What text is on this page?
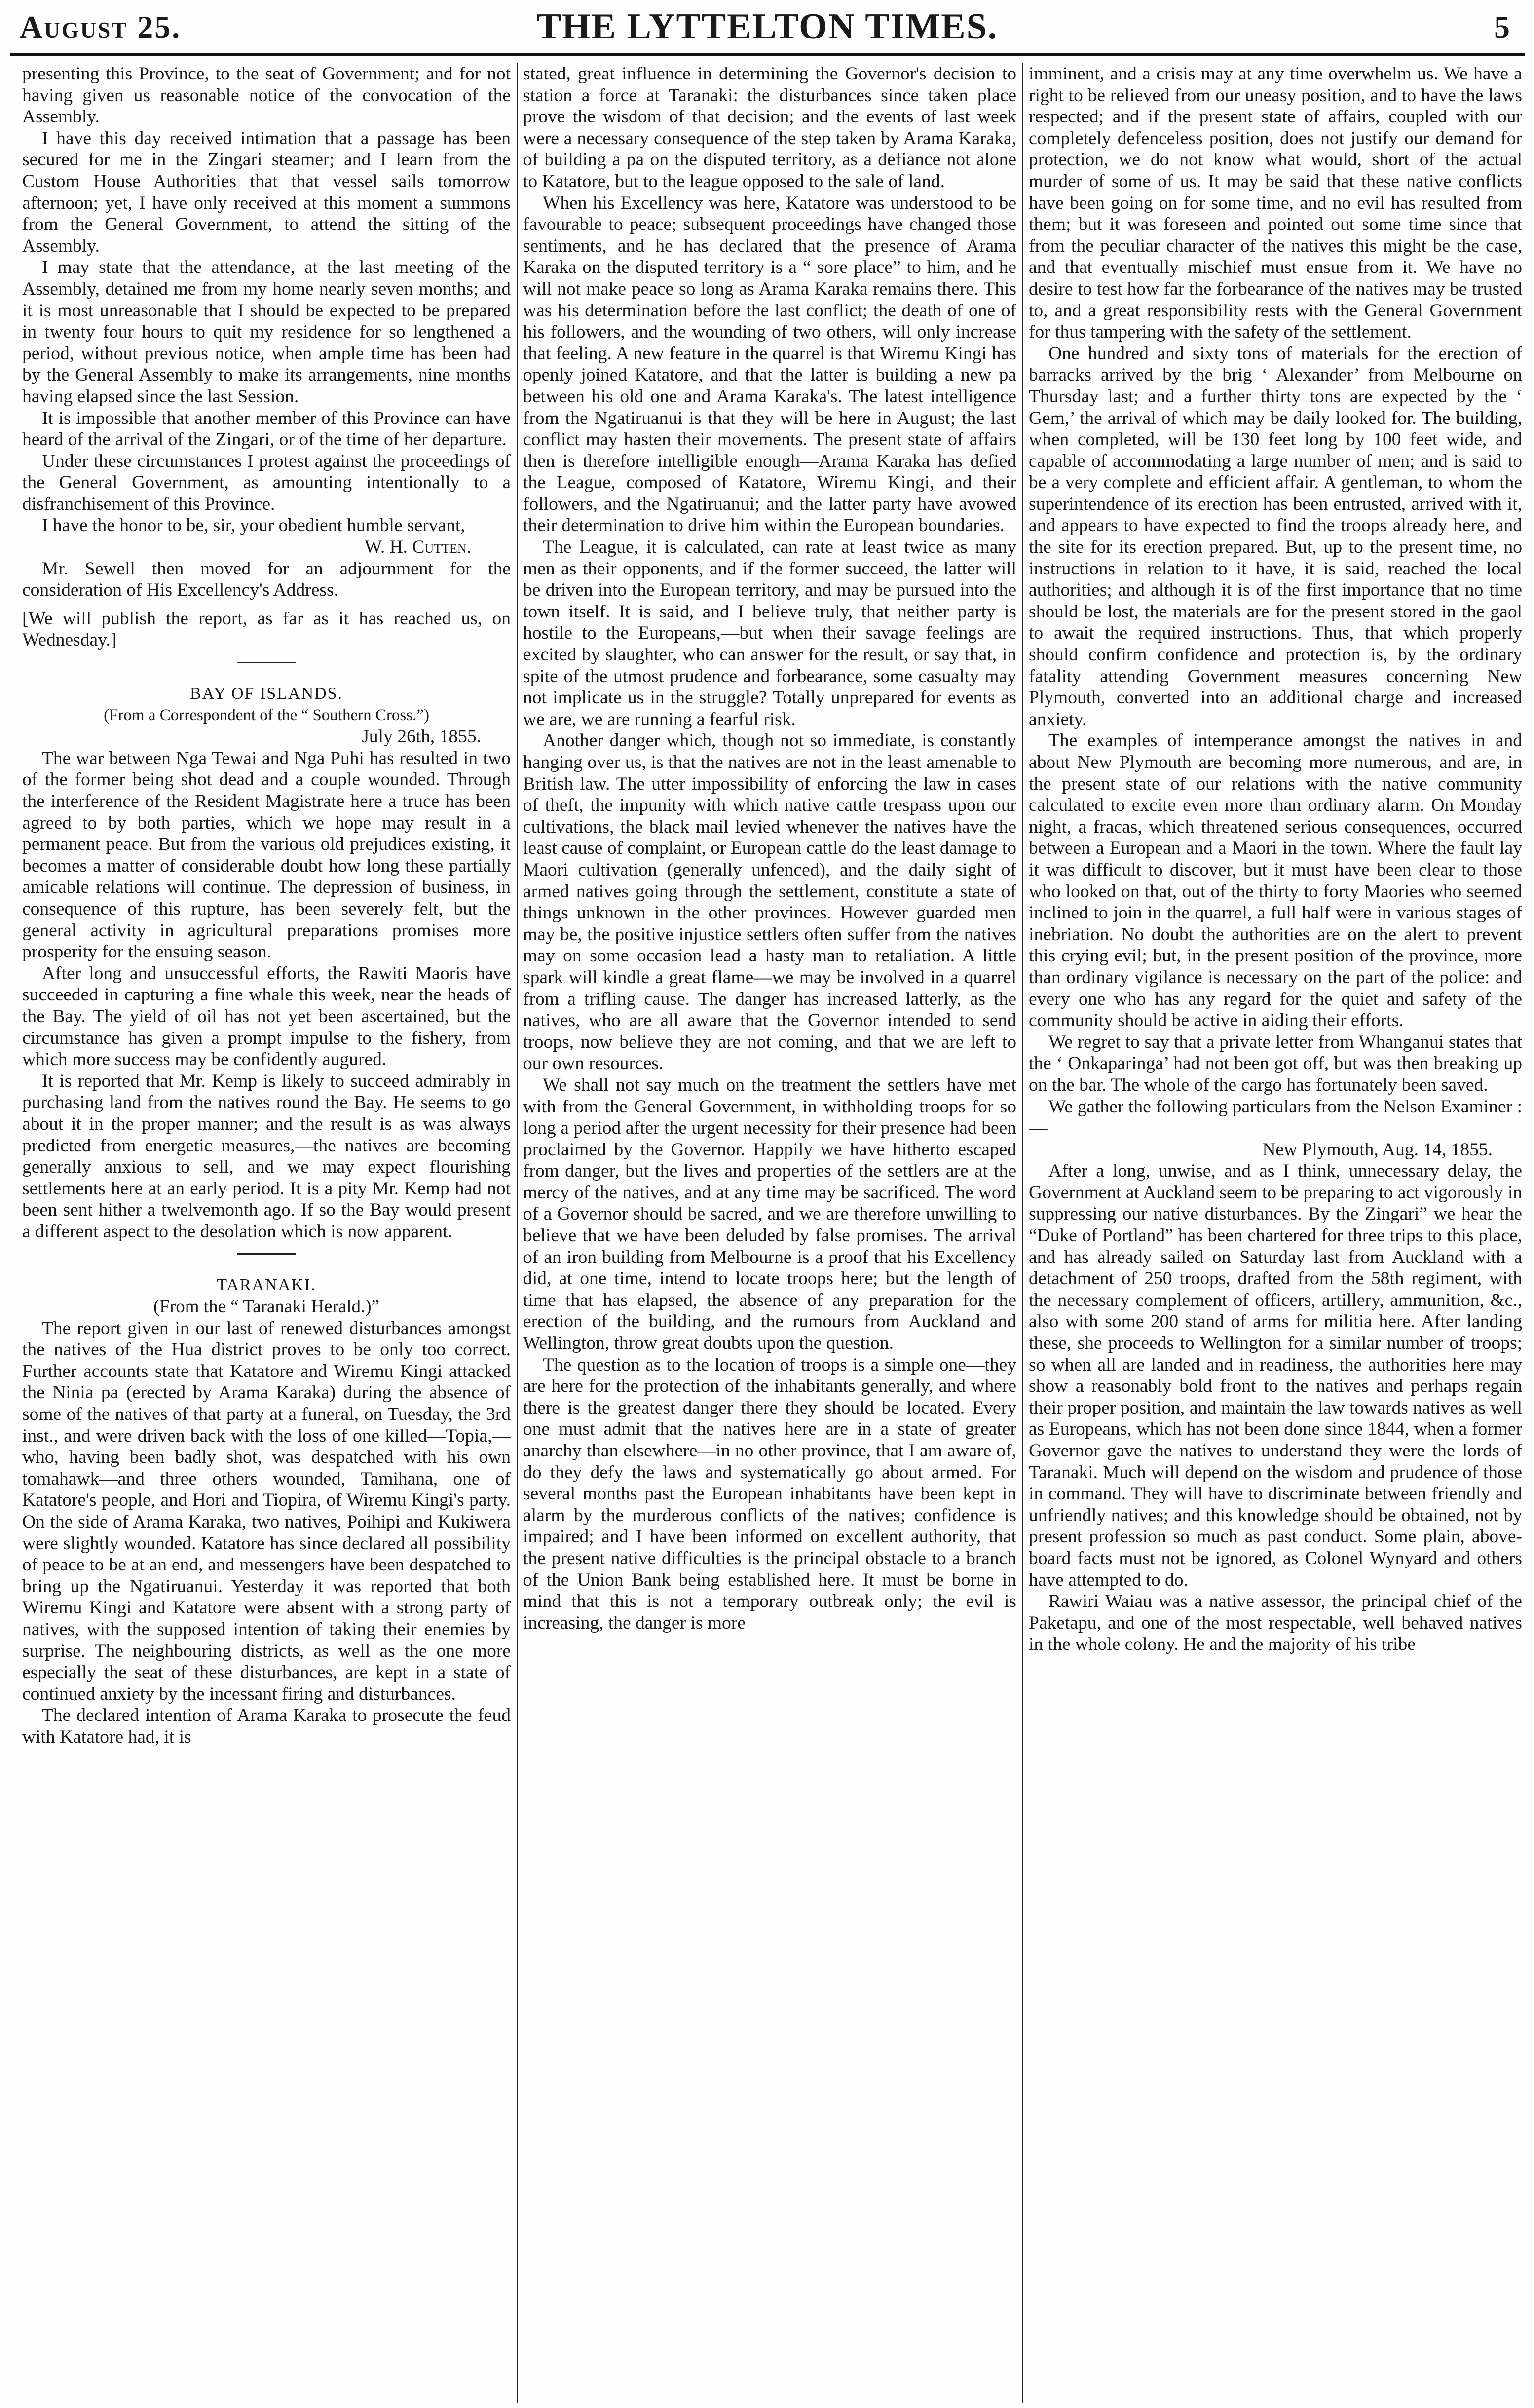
August 25.	THE LYTTELTON TIMES.	5

presenting this Province, to the seat of Government; and for not having given us reasonable notice of the convocation of the Assembly.

I have this day received intimation that a passage has been secured for me in the Zingari steamer; and I learn from the Custom House Authorities that that vessel sails tomorrow afternoon; yet, I have only received at this moment a summons from the General Government, to attend the sitting of the Assembly.

I may state that the attendance, at the last meeting of the Assembly, detained me from my home nearly seven months; and it is most unreasonable that I should be expected to be prepared in twenty four hours to quit my residence for so lengthened a period, without previous notice, when ample time has been had by the General Assembly to make its arrangements, nine months having elapsed since the last Session.

It is impossible that another member of this Province can have heard of the arrival of the Zingari, or of the time of her departure.

Under these circumstances I protest against the proceedings of the General Government, as amounting intentionally to a disfranchisement of this Province.

I have the honor to be, sir, your obedient humble servant,

W. H. Cutten.

Mr. Sewell then moved for an adjournment for the consideration of His Excellency's Address.

[We will publish the report, as far as it has reached us, on Wednesday.]

BAY OF ISLANDS.

(From a Correspondent of the “ Southern Cross.”)

July 26th, 1855.

The war between Nga Tewai and Nga Puhi has resulted in two of the former being shot dead and a couple wounded. Through the interference of the Resident Magistrate here a truce has been agreed to by both parties, which we hope may result in a permanent peace. But from the various old prejudices existing, it becomes a matter of considerable doubt how long these partially amicable relations will continue. The depression of business, in consequence of this rupture, has been severely felt, but the general activity in agricultural preparations promises more prosperity for the ensuing season.

After long and unsuccessful efforts, the Rawiti Maoris have succeeded in capturing a fine whale this week, near the heads of the Bay. The yield of oil has not yet been ascertained, but the circumstance has given a prompt impulse to the fishery, from which more success may be confidently augured.

It is reported that Mr. Kemp is likely to succeed admirably in purchasing land from the natives round the Bay. He seems to go about it in the proper manner; and the result is as was always predicted from energetic measures,—the natives are becoming generally anxious to sell, and we may expect flourishing settlements here at an early period. It is a pity Mr. Kemp had not been sent hither a twelvemonth ago. If so the Bay would present a different aspect to the desolation which is now apparent.

TARANAKI.

(From the “ Taranaki Herald.)”

The report given in our last of renewed disturbances amongst the natives of the Hua district proves to be only too correct. Further accounts state that Katatore and Wiremu Kingi attacked the Ninia pa (erected by Arama Karaka) during the absence of some of the natives of that party at a funeral, on Tuesday, the 3rd inst., and were driven back with the loss of one killed—Topia,—who, having been badly shot, was despatched with his own tomahawk—and three others wounded, Tamihana, one of Katatore's people, and Hori and Tiopira, of Wiremu Kingi's party. On the side of Arama Karaka, two natives, Poihipi and Kukiwera were slightly wounded. Katatore has since declared all possibility of peace to be at an end, and messengers have been despatched to bring up the Ngatiruanui. Yesterday it was reported that both Wiremu Kingi and Katatore were absent with a strong party of natives, with the supposed intention of taking their enemies by surprise. The neighbouring districts, as well as the one more especially the seat of these disturbances, are kept in a state of continued anxiety by the incessant firing and disturbances.

The declared intention of Arama Karaka to prosecute the feud with Katatore had, it is

stated, great influence in determining the Governor's decision to station a force at Taranaki: the disturbances since taken place prove the wisdom of that decision; and the events of last week were a necessary consequence of the step taken by Arama Karaka, of building a pa on the disputed territory, as a defiance not alone to Katatore, but to the league opposed to the sale of land.

When his Excellency was here, Katatore was understood to be favourable to peace; subsequent proceedings have changed those sentiments, and he has declared that the presence of Arama Karaka on the disputed territory is a “ sore place” to him, and he will not make peace so long as Arama Karaka remains there. This was his determination before the last conflict; the death of one of his followers, and the wounding of two others, will only increase that feeling. A new feature in the quarrel is that Wiremu Kingi has openly joined Katatore, and that the latter is building a new pa between his old one and Arama Karaka's. The latest intelligence from the Ngatiruanui is that they will be here in August; the last conflict may hasten their movements. The present state of affairs then is therefore intelligible enough—Arama Karaka has defied the League, composed of Katatore, Wiremu Kingi, and their followers, and the Ngatiruanui; and the latter party have avowed their determination to drive him within the European boundaries.

The League, it is calculated, can rate at least twice as many men as their opponents, and if the former succeed, the latter will be driven into the European territory, and may be pursued into the town itself. It is said, and I believe truly, that neither party is hostile to the Europeans,—but when their savage feelings are excited by slaughter, who can answer for the result, or say that, in spite of the utmost prudence and forbearance, some casualty may not implicate us in the struggle? Totally unprepared for events as we are, we are running a fearful risk.

Another danger which, though not so immediate, is constantly hanging over us, is that the natives are not in the least amenable to British law. The utter impossibility of enforcing the law in cases of theft, the impunity with which native cattle trespass upon our cultivations, the black mail levied whenever the natives have the least cause of complaint, or European cattle do the least damage to Maori cultivation (generally unfenced), and the daily sight of armed natives going through the settlement, constitute a state of things unknown in the other provinces. However guarded men may be, the positive injustice settlers often suffer from the natives may on some occasion lead a hasty man to retaliation. A little spark will kindle a great flame—we may be involved in a quarrel from a trifling cause. The danger has increased latterly, as the natives, who are all aware that the Governor intended to send troops, now believe they are not coming, and that we are left to our own resources.

We shall not say much on the treatment the settlers have met with from the General Government, in withholding troops for so long a period after the urgent necessity for their presence had been proclaimed by the Governor. Happily we have hitherto escaped from danger, but the lives and properties of the settlers are at the mercy of the natives, and at any time may be sacrificed. The word of a Governor should be sacred, and we are therefore unwilling to believe that we have been deluded by false promises. The arrival of an iron building from Melbourne is a proof that his Excellency did, at one time, intend to locate troops here; but the length of time that has elapsed, the absence of any preparation for the erection of the building, and the rumours from Auckland and Wellington, throw great doubts upon the question.

The question as to the location of troops is a simple one—they are here for the protection of the inhabitants generally, and where there is the greatest danger there they should be located. Every one must admit that the natives here are in a state of greater anarchy than elsewhere—in no other province, that I am aware of, do they defy the laws and systematically go about armed. For several months past the European inhabitants have been kept in alarm by the murderous conflicts of the natives; confidence is impaired; and I have been informed on excellent authority, that the present native difficulties is the principal obstacle to a branch of the Union Bank being established here. It must be borne in mind that this is not a temporary outbreak only; the evil is increasing, the danger is more

imminent, and a crisis may at any time overwhelm us. We have a right to be relieved from our uneasy position, and to have the laws respected; and if the present state of affairs, coupled with our completely defenceless position, does not justify our demand for protection, we do not know what would, short of the actual murder of some of us. It may be said that these native conflicts have been going on for some time, and no evil has resulted from them; but it was foreseen and pointed out some time since that from the peculiar character of the natives this might be the case, and that eventually mischief must ensue from it. We have no desire to test how far the forbearance of the natives may be trusted to, and a great responsibility rests with the General Government for thus tampering with the safety of the settlement.

One hundred and sixty tons of materials for the erection of barracks arrived by the brig ‘ Alexander’ from Melbourne on Thursday last; and a further thirty tons are expected by the ‘ Gem,’ the arrival of which may be daily looked for. The building, when completed, will be 130 feet long by 100 feet wide, and capable of accommodating a large number of men; and is said to be a very complete and efficient affair. A gentleman, to whom the superintendence of its erection has been entrusted, arrived with it, and appears to have expected to find the troops already here, and the site for its erection prepared. But, up to the present time, no instructions in relation to it have, it is said, reached the local authorities; and although it is of the first importance that no time should be lost, the materials are for the present stored in the gaol to await the required instructions. Thus, that which properly should confirm confidence and protection is, by the ordinary fatality attending Government measures concerning New Plymouth, converted into an additional charge and increased anxiety.

The examples of intemperance amongst the natives in and about New Plymouth are becoming more numerous, and are, in the present state of our relations with the native community calculated to excite even more than ordinary alarm. On Monday night, a fracas, which threatened serious consequences, occurred between a European and a Maori in the town. Where the fault lay it was difficult to discover, but it must have been clear to those who looked on that, out of the thirty to forty Maories who seemed inclined to join in the quarrel, a full half were in various stages of inebriation. No doubt the authorities are on the alert to prevent this crying evil; but, in the present position of the province, more than ordinary vigilance is necessary on the part of the police: and every one who has any regard for the quiet and safety of the community should be active in aiding their efforts.

We regret to say that a private letter from Whanganui states that the ‘ Onkaparinga’ had not been got off, but was then breaking up on the bar. The whole of the cargo has fortunately been saved.

We gather the following particulars from the Nelson Examiner :—

New Plymouth, Aug. 14, 1855.

After a long, unwise, and as I think, unnecessary delay, the Government at Auckland seem to be preparing to act vigorously in suppressing our native disturbances. By the Zingari” we hear the “Duke of Portland” has been chartered for three trips to this place, and has already sailed on Saturday last from Auckland with a detachment of 250 troops, drafted from the 58th regiment, with the necessary complement of officers, artillery, ammunition, &c., also with some 200 stand of arms for militia here. After landing these, she proceeds to Wellington for a similar number of troops; so when all are landed and in readiness, the authorities here may show a reasonably bold front to the natives and perhaps regain their proper position, and maintain the law towards natives as well as Europeans, which has not been done since 1844, when a former Governor gave the natives to understand they were the lords of Taranaki. Much will depend on the wisdom and prudence of those in command. They will have to discriminate between friendly and unfriendly natives; and this knowledge should be obtained, not by present profession so much as past conduct. Some plain, above-board facts must not be ignored, as Colonel Wynyard and others have attempted to do.

Rawiri Waiau was a native assessor, the principal chief of the Paketapu, and one of the most respectable, well behaved natives in the whole colony. He and the majority of his tribe
